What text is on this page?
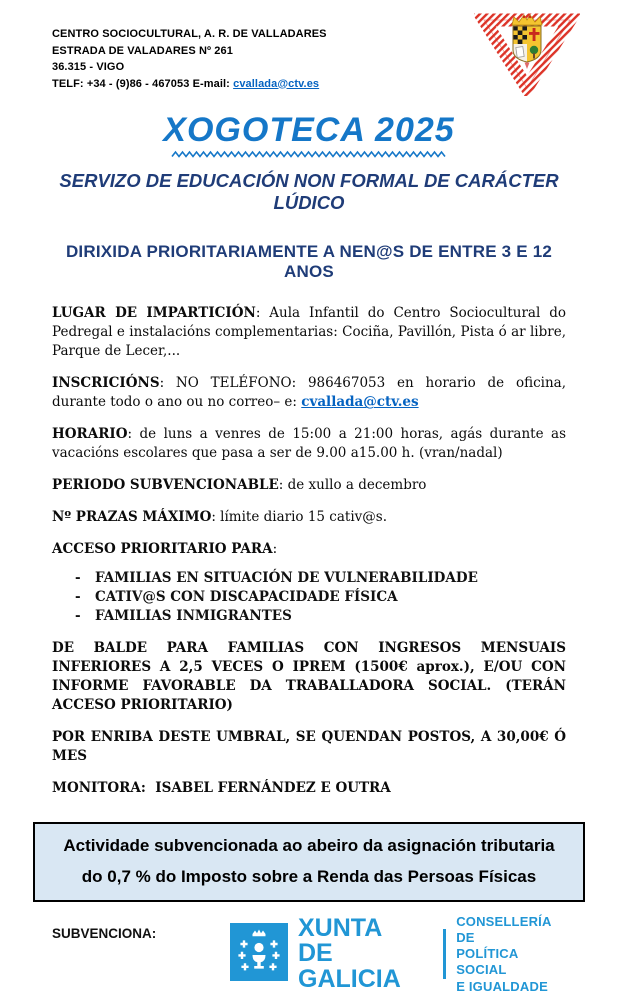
CENTRO SOCIOCULTURAL, A. R. DE VALLADARES
ESTRADA DE VALADARES Nº 261
36.315 - VIGO
TELF: +34 - (9)86 - 467053 E-mail: cvallada@ctv.es
XOGOTECA 2025
SERVIZO DE EDUCACIÓN NON FORMAL DE CARÁCTER LÚDICO
DIRIXIDA PRIORITARIAMENTE A NEN@S DE ENTRE 3 E 12 ANOS

LUGAR DE IMPARTICIÓN: Aula Infantil do Centro Sociocultural do Pedregal e instalacións complementarias: Cociña, Pavillón, Pista ó ar libre, Parque de Lecer,...

INSCRICIÓNS: NO TELÉFONO: 986467053 en horario de oficina, durante todo o ano ou no correo– e: cvallada@ctv.es

HORARIO: de luns a venres de 15:00 a 21:00 horas, agás durante as vacacións escolares que pasa a ser de 9.00 a15.00 h. (vran/nadal)

PERIODO SUBVENCIONABLE: de xullo a decembro

Nº PRAZAS MÁXIMO: límite diario 15 cativ@s.

ACCESO PRIORITARIO PARA:

- FAMILIAS EN SITUACIÓN DE VULNERABILIDADE
- CATIV@S CON DISCAPACIDADE FÍSICA
- FAMILIAS INMIGRANTES

DE BALDE PARA FAMILIAS CON INGRESOS MENSUAIS INFERIORES A 2,5 VECES O IPREM (1500€ aprox.), E/OU CON INFORME FAVORABLE DA TRABALLADORA SOCIAL. (TERÁN ACCESO PRIORITARIO)

POR ENRIBA DESTE UMBRAL, SE QUENDAN POSTOS, A 30,00€ Ó MES

MONITORA: ISABEL FERNÁNDEZ E OUTRA

Actividade subvencionada ao abeiro da asignación tributaria do 0,7 % do Imposto sobre a Renda das Persoas Físicas
SUBVENCIONA:	XUNTA
DE GALICIA
CONSELLERÍA DE
POLÍTICA SOCIAL
E IGUALDADE
